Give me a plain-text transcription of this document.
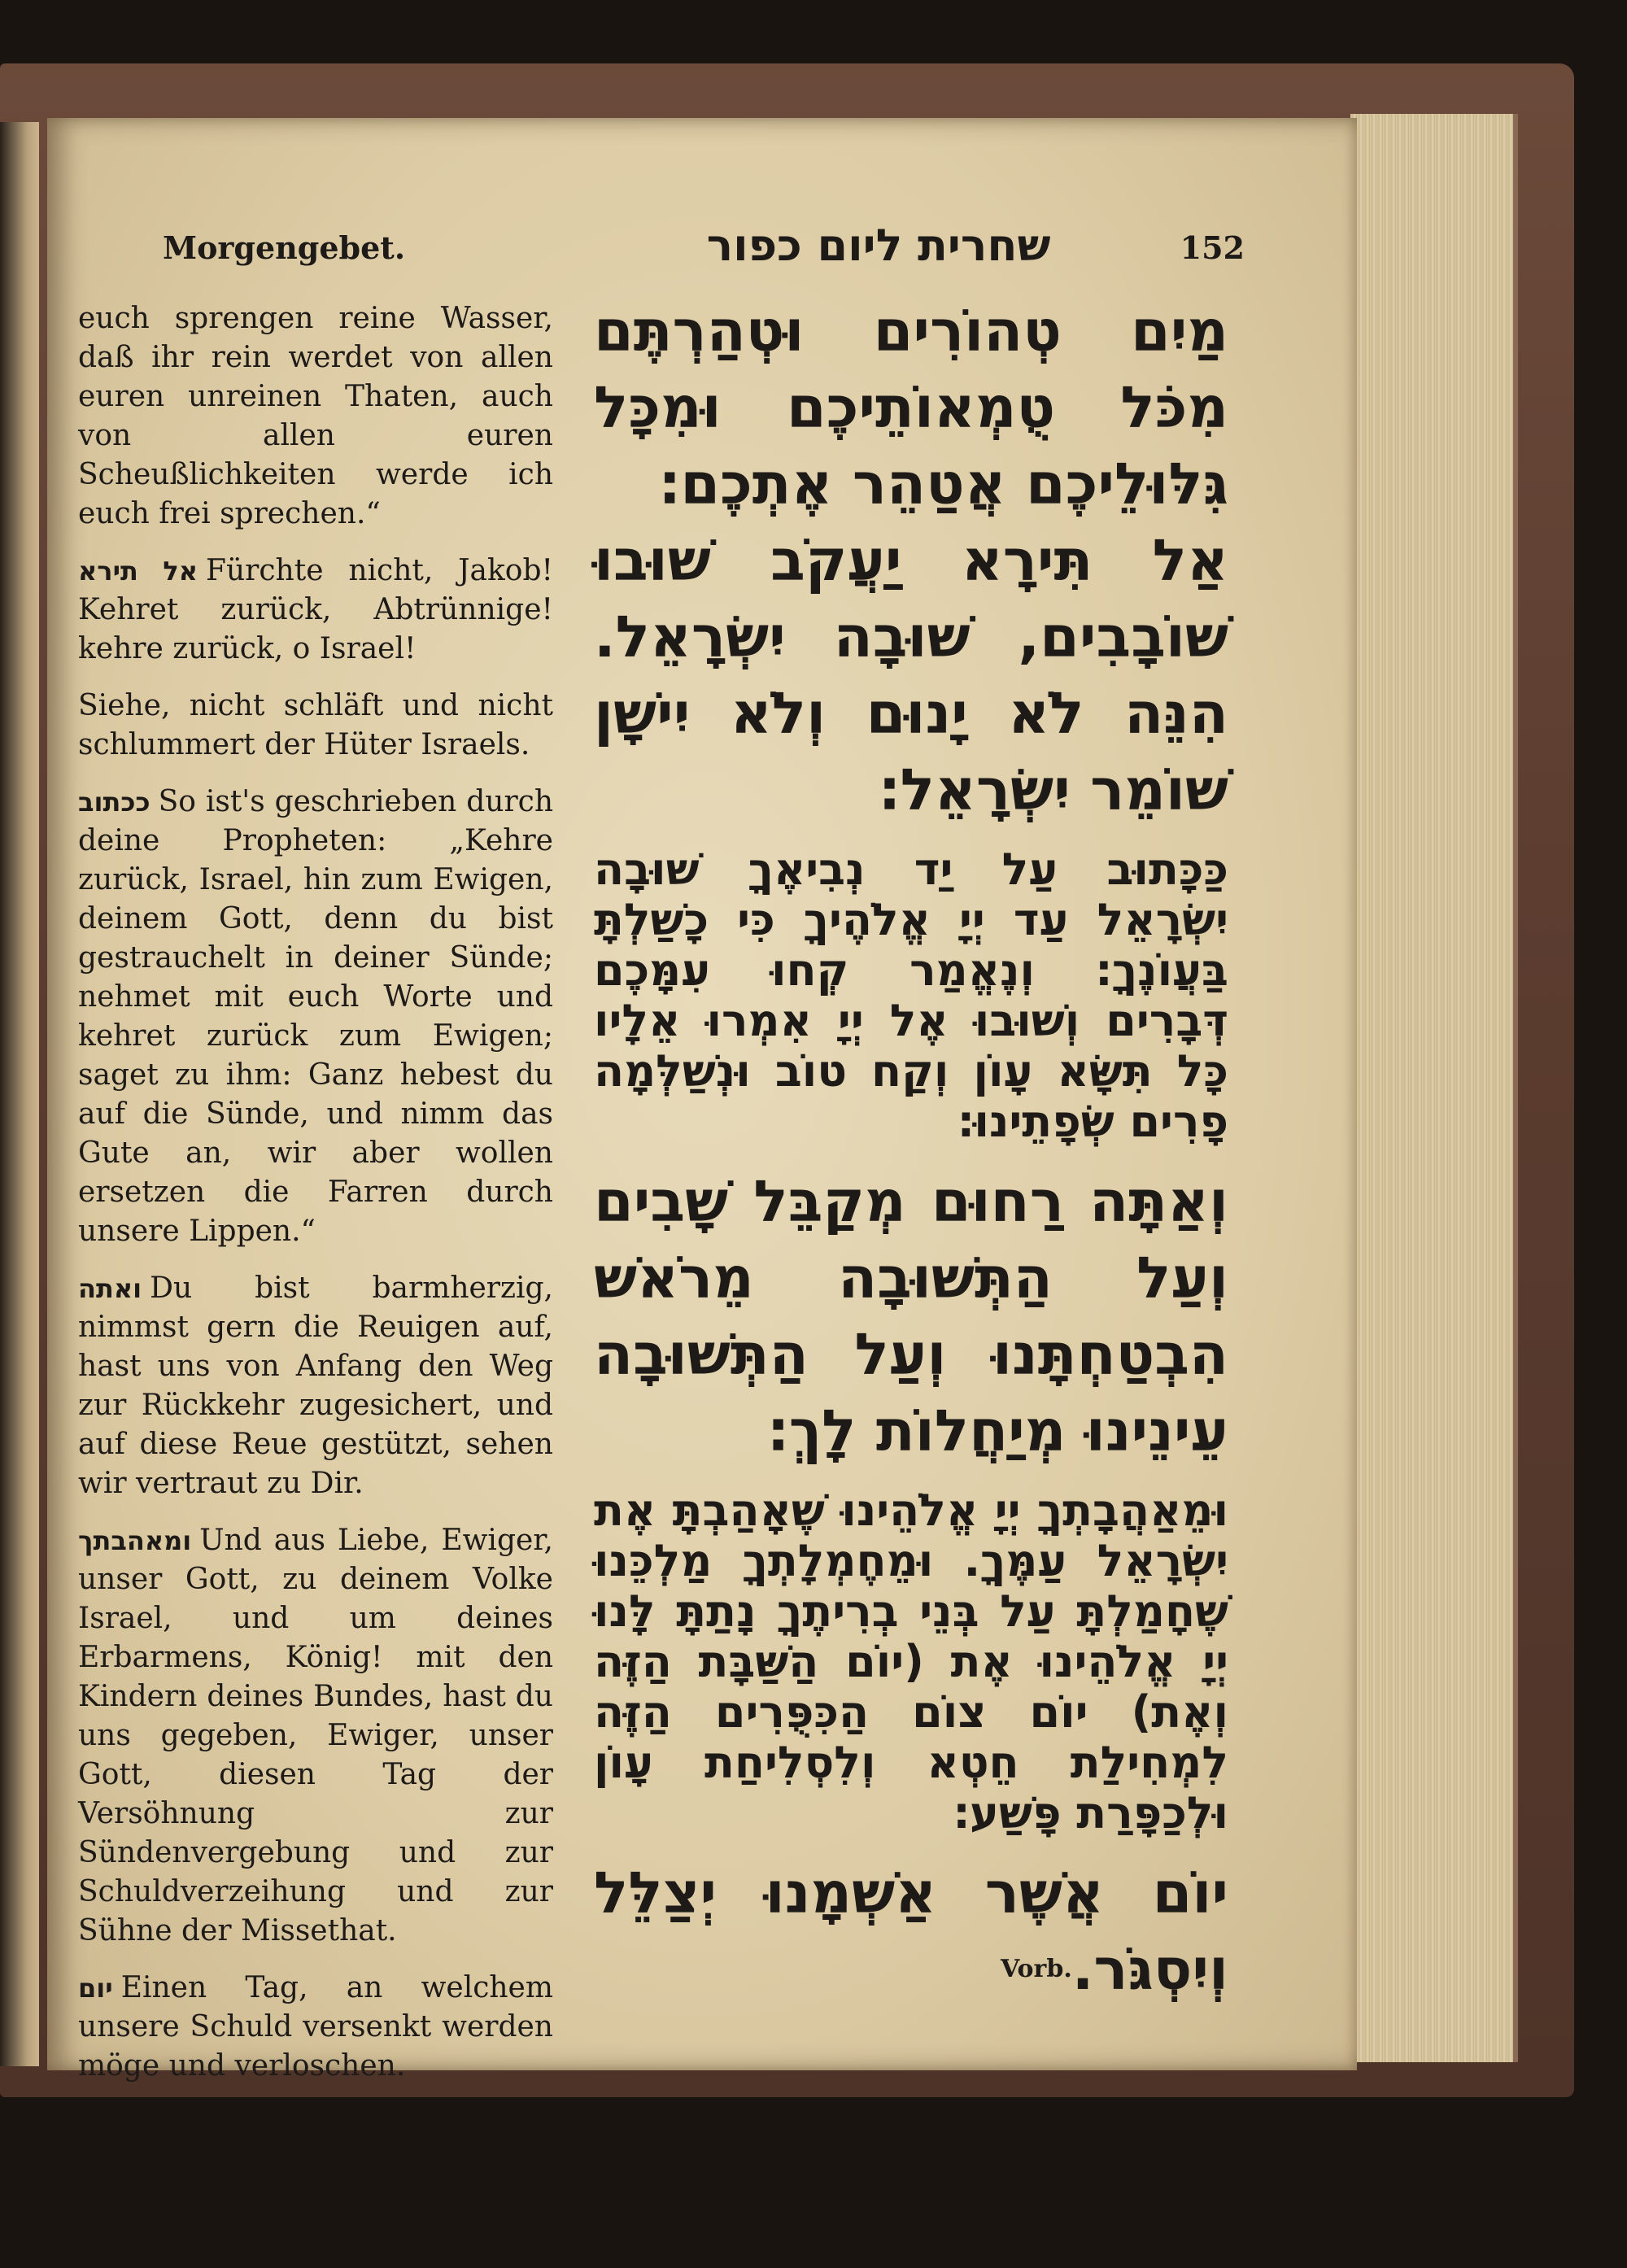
Morgengebet.	שחרית ליום כפור	152

euch sprengen reine Wasser, daß ihr rein werdet von allen euren unreinen Thaten, auch von allen euren Scheußlichkeiten werde ich euch frei sprechen.“

אל תירא Fürchte nicht, Jakob! Kehret zurück, Abtrünnige! kehre zurück, o Israel!

Siehe, nicht schläft und nicht schlummert der Hüter Israels.

ככתוב So ist's geschrieben durch deine Propheten: „Kehre zurück, Israel, hin zum Ewigen, deinem Gott, denn du bist gestrauchelt in deiner Sünde; nehmet mit euch Worte und kehret zurück zum Ewigen; saget zu ihm: Ganz hebest du auf die Sünde, und nimm das Gute an, wir aber wollen ersetzen die Farren durch unsere Lippen.“

ואתה Du bist barmherzig, nimmst gern die Reuigen auf, hast uns von Anfang den Weg zur Rückkehr zugesichert, und auf diese Reue gestützt, sehen wir vertraut zu Dir.

ומאהבתך Und aus Liebe, Ewiger, unser Gott, zu deinem Volke Israel, und um deines Erbarmens, König! mit den Kindern deines Bundes, hast du uns gegeben, Ewiger, unser Gott, diesen Tag der Versöhnung zur Sündenvergebung und zur Schuldverzeihung und zur Sühne der Missethat.

יום Einen Tag, an welchem unsere Schuld versenkt werden möge und verloschen.

מַיִם טְהוֹרִים וּטְהַרְתֶּם מִכֹּל טֻמְאוֹתֵיכֶם וּמִכָּל גִּלּוּלֵיכֶם אֲטַהֵר אֶתְכֶם׃

אַל תִּירָא יַעֲקֹב שׁוּבוּ שׁוֹבָבִים, שׁוּבָה יִשְׂרָאֵל. הִנֵּה לֹא יָנוּם וְלֹא יִישָׁן שׁוֹמֵר יִשְׂרָאֵל׃

כַּכָּתוּב עַל יַד נְבִיאֶךָ שׁוּבָה יִשְׂרָאֵל עַד יְיָ אֱלֹהֶיךָ כִּי כָשַׁלְתָּ בַּעֲוֹנֶךָ׃ וְנֶאֱמַר קְחוּ עִמָּכֶם דְּבָרִים וְשׁוּבוּ אֶל יְיָ אִמְרוּ אֵלָיו כָּל תִּשָּׂא עָוֹן וְקַח טוֹב וּנְשַׁלְּמָה פָרִים שְׂפָתֵינוּ׃

וְאַתָּה רַחוּם מְקַבֵּל שָׁבִים וְעַל הַתְּשׁוּבָה מֵרֹאשׁ הִבְטַחְתָּנוּ וְעַל הַתְּשׁוּבָה עֵינֵינוּ מְיַחֲלוֹת לָךְ׃

וּמֵאַהֲבָתְךָ יְיָ אֱלֹהֵינוּ שֶׁאָהַבְתָּ אֶת יִשְׂרָאֵל עַמֶּךָ. וּמֵחֶמְלָתְךָ מַלְכֵּנוּ שֶׁחָמַלְתָּ עַל בְּנֵי בְרִיתֶךָ נָתַתָּ לָּנוּ יְיָ אֱלֹהֵינוּ אֶת (יוֹם הַשַּׁבָּת הַזֶּה וְאֶת) יוֹם צוֹם הַכִּפֻּרִים הַזֶּה לִמְחִילַת חֵטְא וְלִסְלִיחַת עָוֹן וּלְכַפָּרַת פָּשַׁע׃

יוֹם אֲשֶׁר אַשְׁמָנוּ יְצַלֵּל וְיִסְגֹּר.$^{Vorb.}$
